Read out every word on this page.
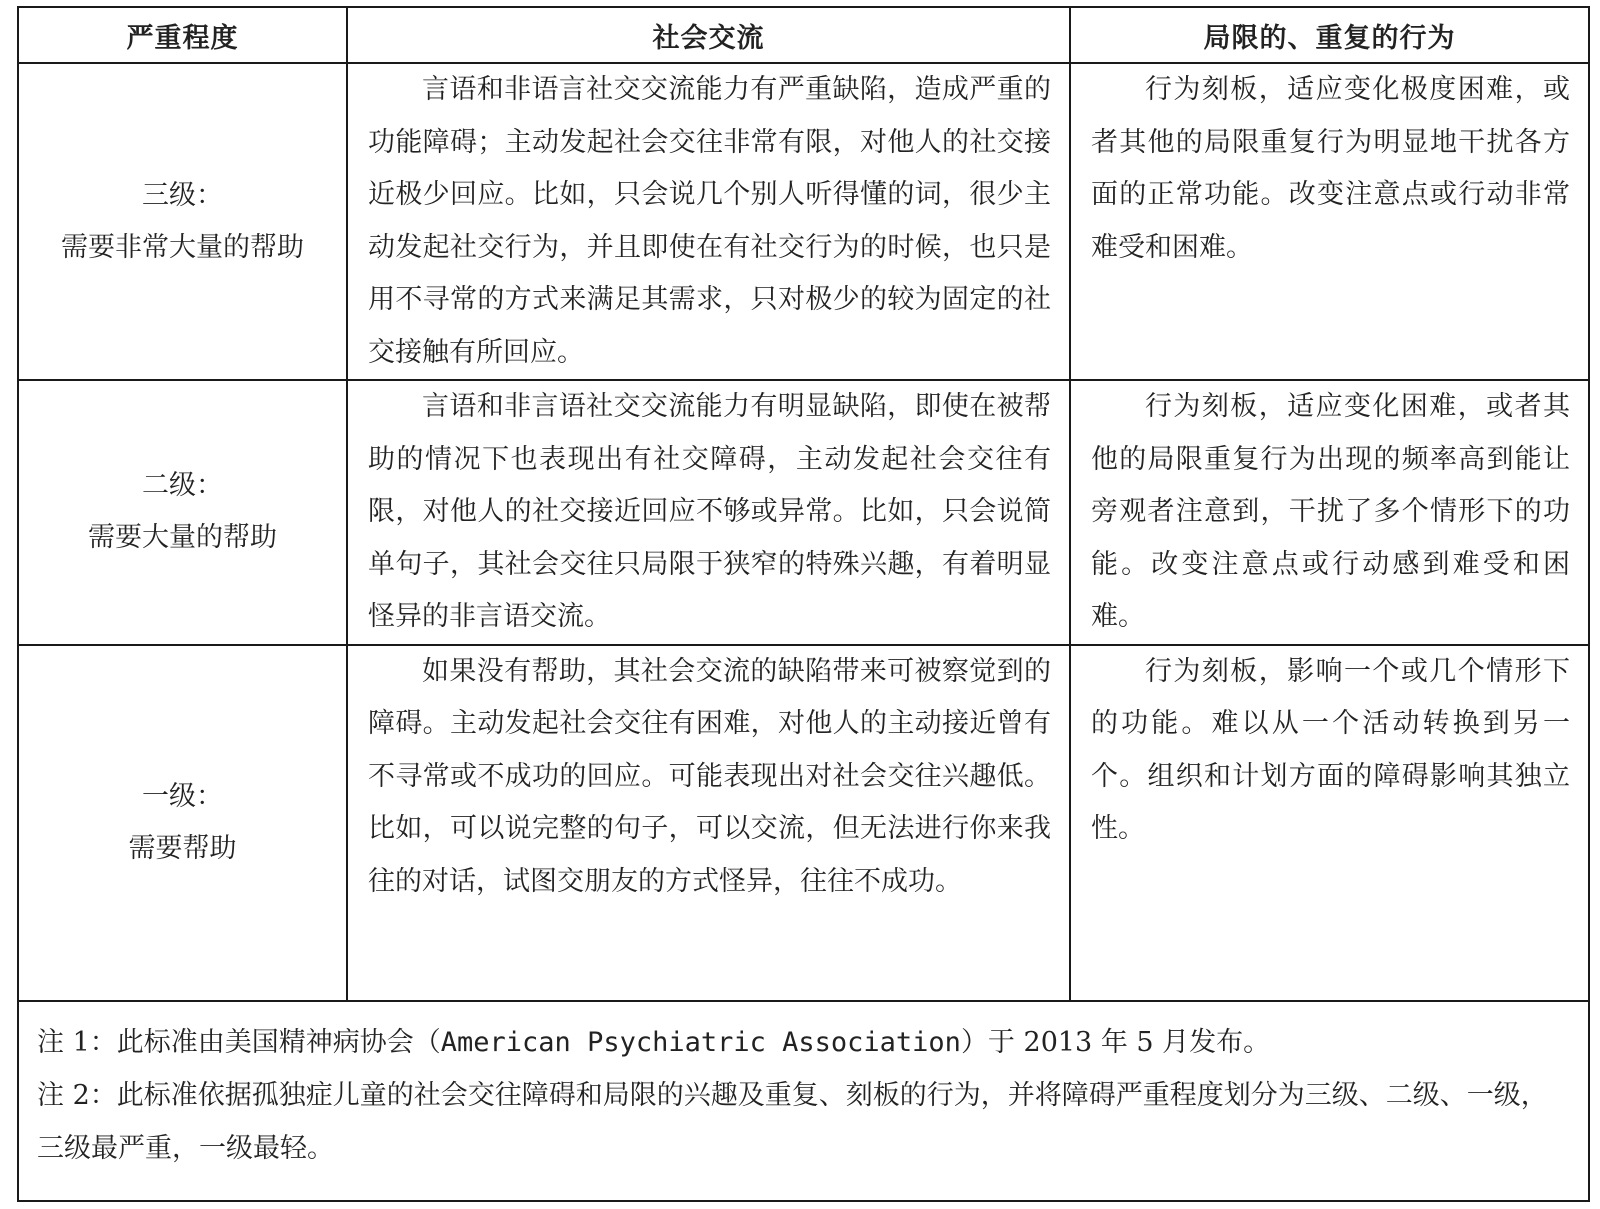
严重程度	社会交流	局限的、重复的行为

三级：
需要非常大量的帮助	言语和非语言社交交流能力有严重缺陷，造成严重的功能障碍；主动发起社会交往非常有限，对他人的社交接近极少回应。比如，只会说几个别人听得懂的词，很少主动发起社交行为，并且即使在有社交行为的时候，也只是用不寻常的方式来满足其需求，只对极少的较为固定的社交接触有所回应。	行为刻板，适应变化极度困难，或者其他的局限重复行为明显地干扰各方面的正常功能。改变注意点或行动非常难受和困难。

二级：
需要大量的帮助	言语和非言语社交交流能力有明显缺陷，即使在被帮助的情况下也表现出有社交障碍，主动发起社会交往有限，对他人的社交接近回应不够或异常。比如，只会说简单句子，其社会交往只局限于狭窄的特殊兴趣，有着明显怪异的非言语交流。	行为刻板，适应变化困难，或者其他的局限重复行为出现的频率高到能让旁观者注意到，干扰了多个情形下的功能。改变注意点或行动感到难受和困难。

一级：
需要帮助	如果没有帮助，其社会交流的缺陷带来可被察觉到的障碍。主动发起社会交往有困难，对他人的主动接近曾有不寻常或不成功的回应。可能表现出对社会交往兴趣低。比如，可以说完整的句子，可以交流，但无法进行你来我往的对话，试图交朋友的方式怪异，往往不成功。	行为刻板，影响一个或几个情形下的功能。难以从一个活动转换到另一个。组织和计划方面的障碍影响其独立性。

注 1：此标准由美国精神病协会（American Psychiatric Association）于 2013 年 5 月发布。

注 2：此标准依据孤独症儿童的社会交往障碍和局限的兴趣及重复、刻板的行为，并将障碍严重程度划分为三级、二级、一级，三级最严重，一级最轻。
